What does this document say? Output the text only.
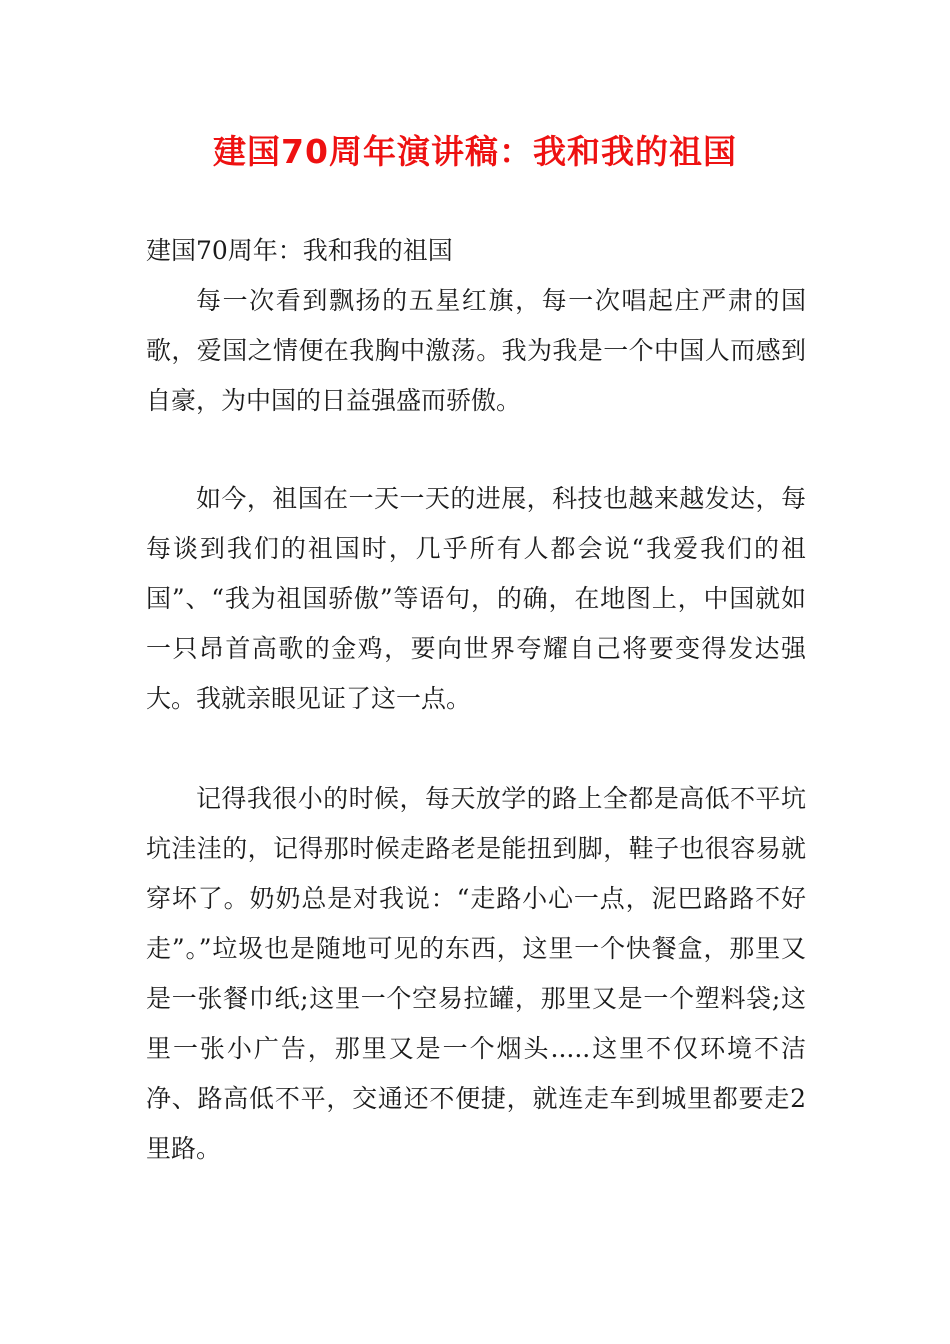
建国70周年演讲稿：我和我的祖国
建国70周年：我和我的祖国

每一次看到飘扬的五星红旗，每一次唱起庄严肃的国歌，爱国之情便在我胸中激荡。我为我是一个中国人而感到自豪，为中国的日益强盛而骄傲。

如今，祖国在一天一天的进展，科技也越来越发达，每每谈到我们的祖国时，几乎所有人都会说“我爱我们的祖国”、“我为祖国骄傲”等语句，的确，在地图上，中国就如一只昂首高歌的金鸡，要向世界夸耀自己将要变得发达强大。我就亲眼见证了这一点。

记得我很小的时候，每天放学的路上全都是高低不平坑坑洼洼的，记得那时候走路老是能扭到脚，鞋子也很容易就穿坏了。奶奶总是对我说：“走路小心一点，泥巴路路不好走”。”垃圾也是随地可见的东西，这里一个快餐盒，那里又是一张餐巾纸;这里一个空易拉罐，那里又是一个塑料袋;这里一张小广告，那里又是一个烟头.....这里不仅环境不洁净、路高低不平，交通还不便捷，就连走车到城里都要走2里路。
